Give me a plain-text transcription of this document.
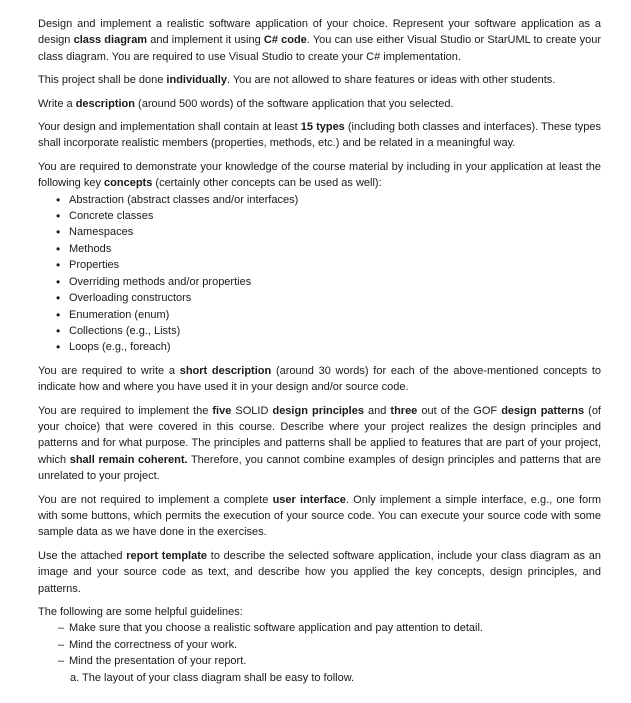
Design and implement a realistic software application of your choice. Represent your software application as a design class diagram and implement it using C# code. You can use either Visual Studio or StarUML to create your class diagram. You are required to use Visual Studio to create your C# implementation.

This project shall be done individually. You are not allowed to share features or ideas with other students.

Write a description (around 500 words) of the software application that you selected.

Your design and implementation shall contain at least 15 types (including both classes and interfaces). These types shall incorporate realistic members (properties, methods, etc.) and be related in a meaningful way.

You are required to demonstrate your knowledge of the course material by including in your application at least the following key concepts (certainly other concepts can be used as well):

• Abstraction (abstract classes and/or interfaces)
• Concrete classes
• Namespaces
• Methods
• Properties
• Overriding methods and/or properties
• Overloading constructors
• Enumeration (enum)
• Collections (e.g., Lists)
• Loops (e.g., foreach)

You are required to write a short description (around 30 words) for each of the above-mentioned concepts to indicate how and where you have used it in your design and/or source code.

You are required to implement the five SOLID design principles and three out of the GOF design patterns (of your choice) that were covered in this course. Describe where your project realizes the design principles and patterns and for what purpose. The principles and patterns shall be applied to features that are part of your project, which shall remain coherent. Therefore, you cannot combine examples of design principles and patterns that are unrelated to your project.

You are not required to implement a complete user interface. Only implement a simple interface, e.g., one form with some buttons, which permits the execution of your source code. You can execute your source code with some sample data as we have done in the exercises.

Use the attached report template to describe the selected software application, include your class diagram as an image and your source code as text, and describe how you applied the key concepts, design principles, and patterns.

The following are some helpful guidelines:

– Make sure that you choose a realistic software application and pay attention to detail.
– Mind the correctness of your work.
– Mind the presentation of your report.

a. The layout of your class diagram shall be easy to follow.
